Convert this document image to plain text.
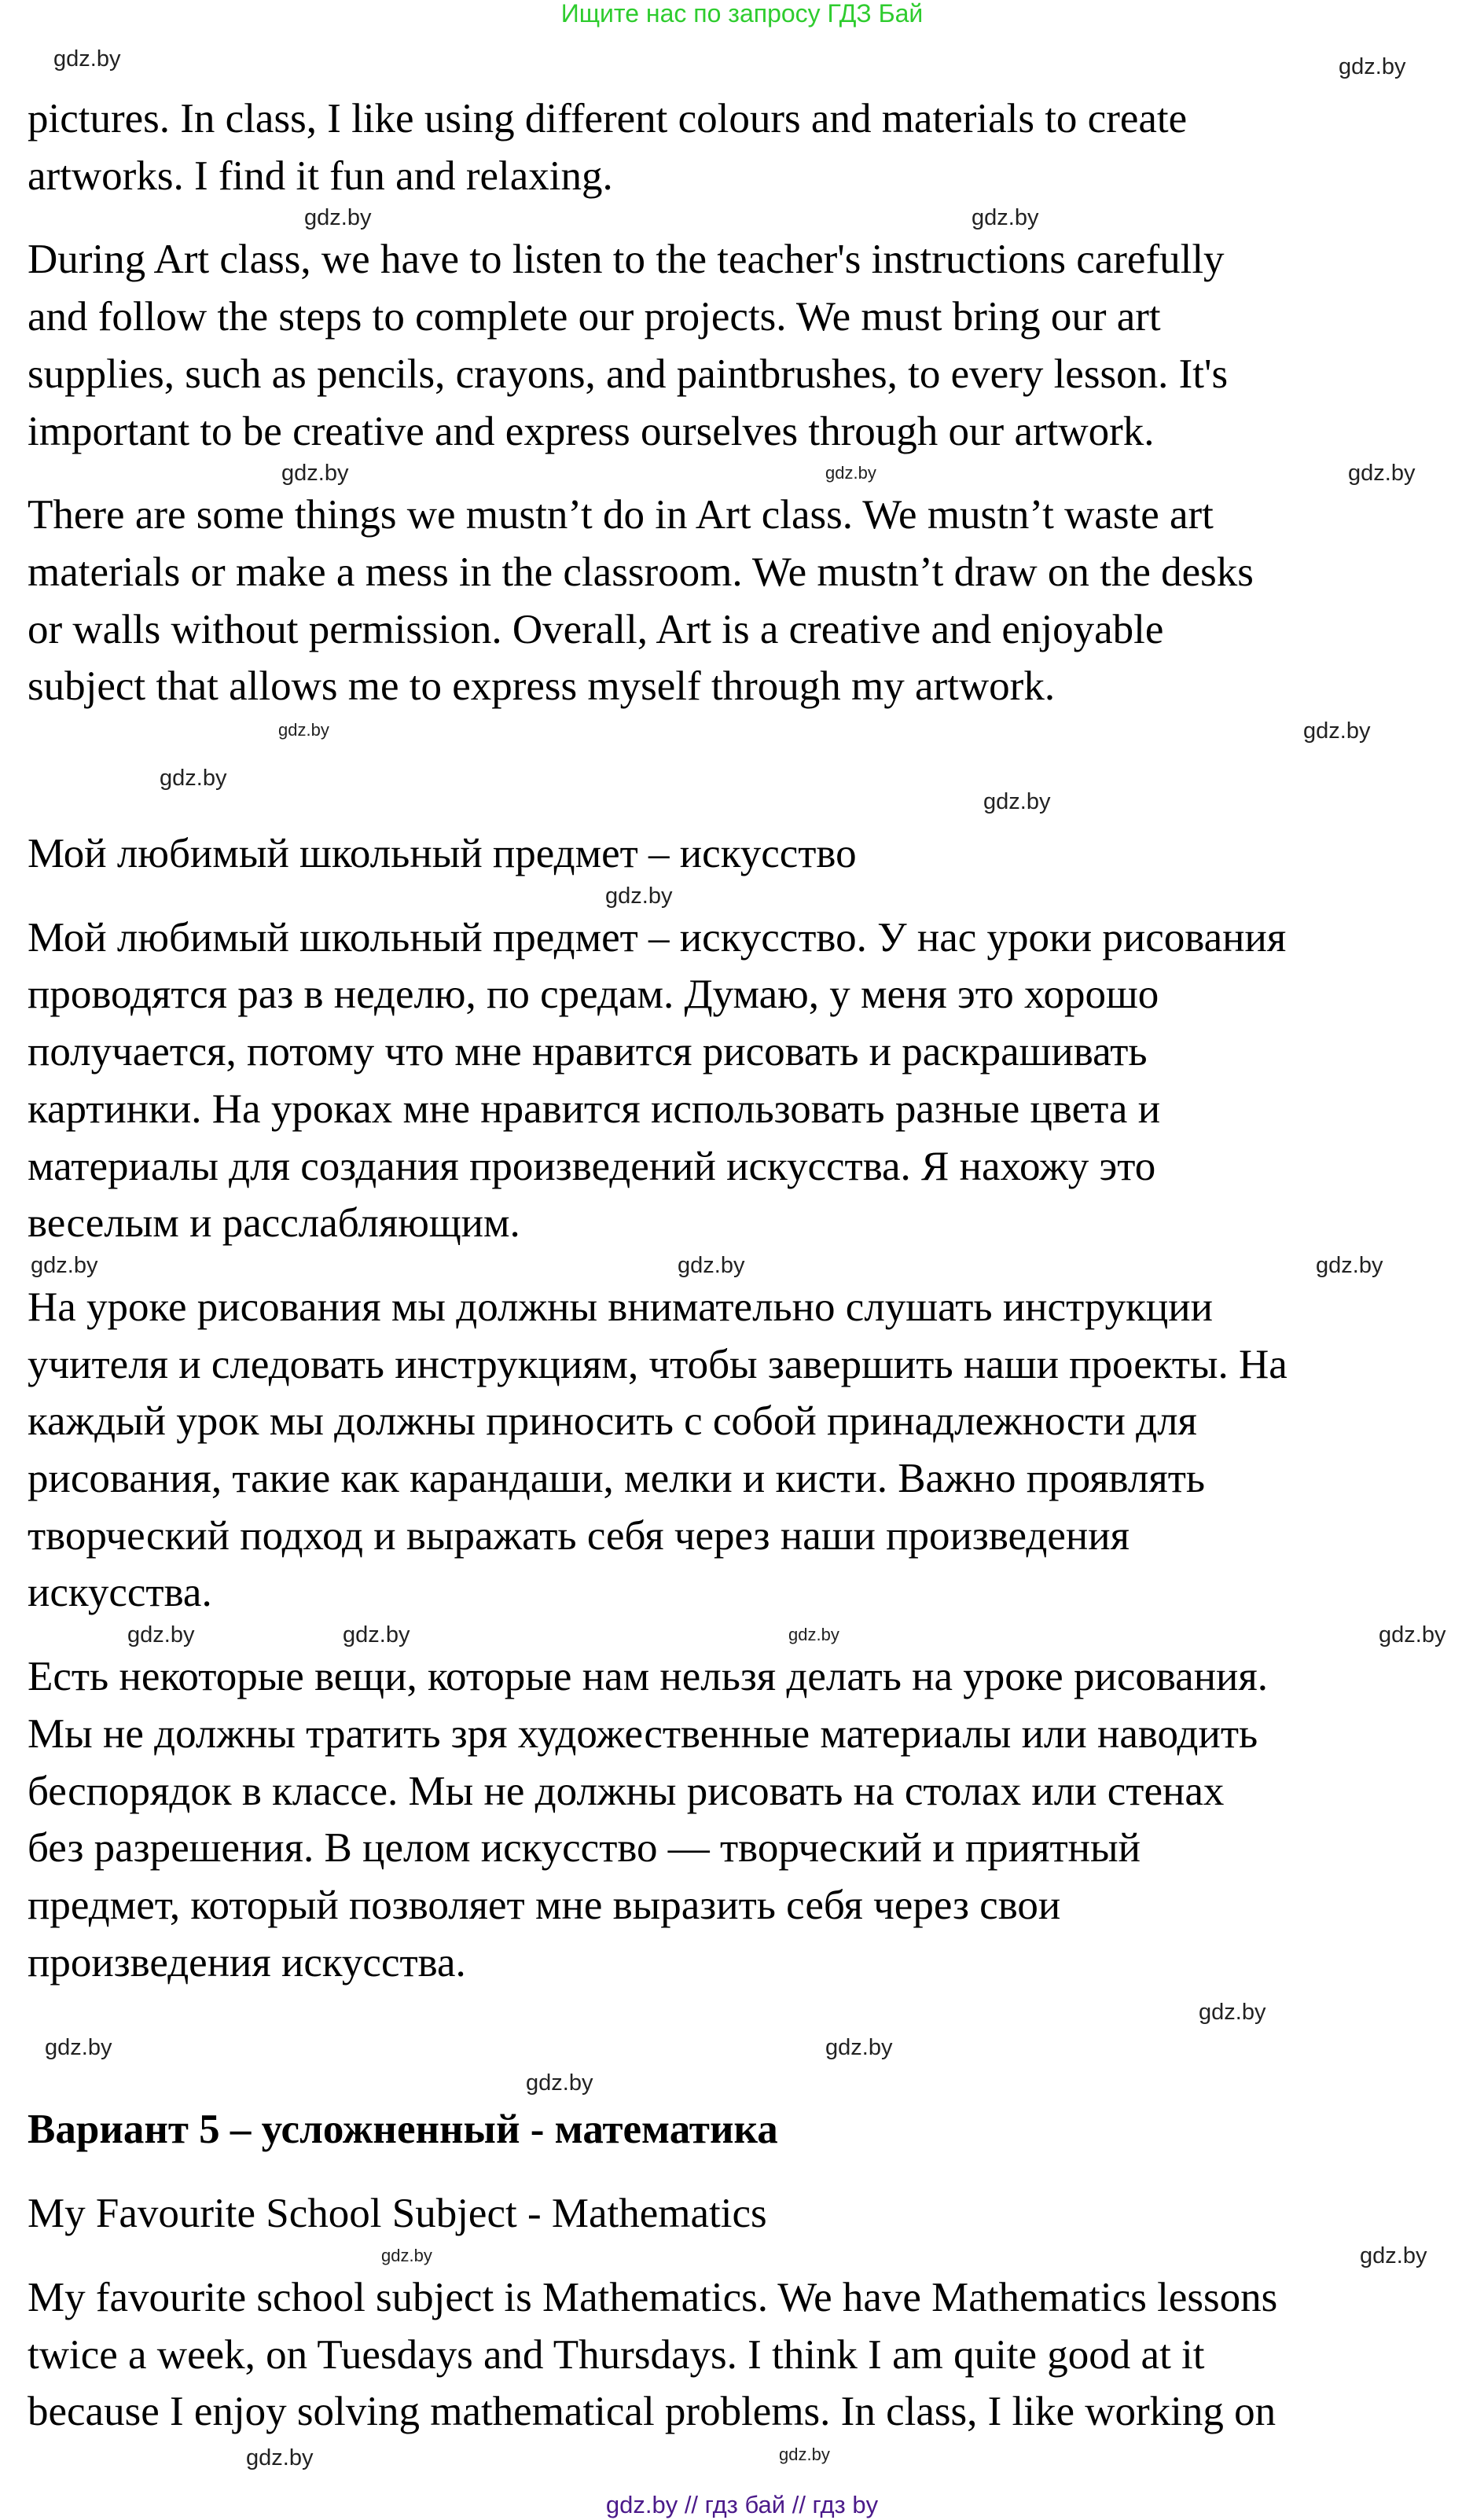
Ищите нас по запросу ГДЗ Бай
pictures. In class, I like using different colours and materials to create
artworks. I find it fun and relaxing.
During Art class, we have to listen to the teacher's instructions carefully
and follow the steps to complete our projects. We must bring our art
supplies, such as pencils, crayons, and paintbrushes, to every lesson. It's
important to be creative and express ourselves through our artwork.
There are some things we mustn’t do in Art class. We mustn’t waste art
materials or make a mess in the classroom. We mustn’t draw on the desks
or walls without permission. Overall, Art is a creative and enjoyable
subject that allows me to express myself through my artwork.
Мой любимый школьный предмет – искусство
Мой любимый школьный предмет – искусство. У нас уроки рисования
проводятся раз в неделю, по средам. Думаю, у меня это хорошо
получается, потому что мне нравится рисовать и раскрашивать
картинки. На уроках мне нравится использовать разные цвета и
материалы для создания произведений искусства. Я нахожу это
веселым и расслабляющим.
На уроке рисования мы должны внимательно слушать инструкции
учителя и следовать инструкциям, чтобы завершить наши проекты. На
каждый урок мы должны приносить с собой принадлежности для
рисования, такие как карандаши, мелки и кисти. Важно проявлять
творческий подход и выражать себя через наши произведения
искусства.
Есть некоторые вещи, которые нам нельзя делать на уроке рисования.
Мы не должны тратить зря художественные материалы или наводить
беспорядок в классе. Мы не должны рисовать на столах или стенах
без разрешения. В целом искусство — творческий и приятный
предмет, который позволяет мне выразить себя через свои
произведения искусства.
Вариант 5 – усложненный - математика
My Favourite School Subject - Mathematics
My favourite school subject is Mathematics. We have Mathematics lessons
twice a week, on Tuesdays and Thursdays. I think I am quite good at it
because I enjoy solving mathematical problems. In class, I like working on
gdz.by	gdz.by
gdz.by
gdz.by
gdz.by
gdz.by	gdz.by
gdz.by	gdz.by
gdz.by
gdz.by
gdz.by
gdz.by
gdz.by
gdz.by
gdz.by
gdz.by	gdz.by	gdz.by
gdz.by
gdz.by
gdz.by
gdz.by
gdz.by	gdz.by
gdz.by
gdz.by
gdz.by // гдз бай // гдз by
